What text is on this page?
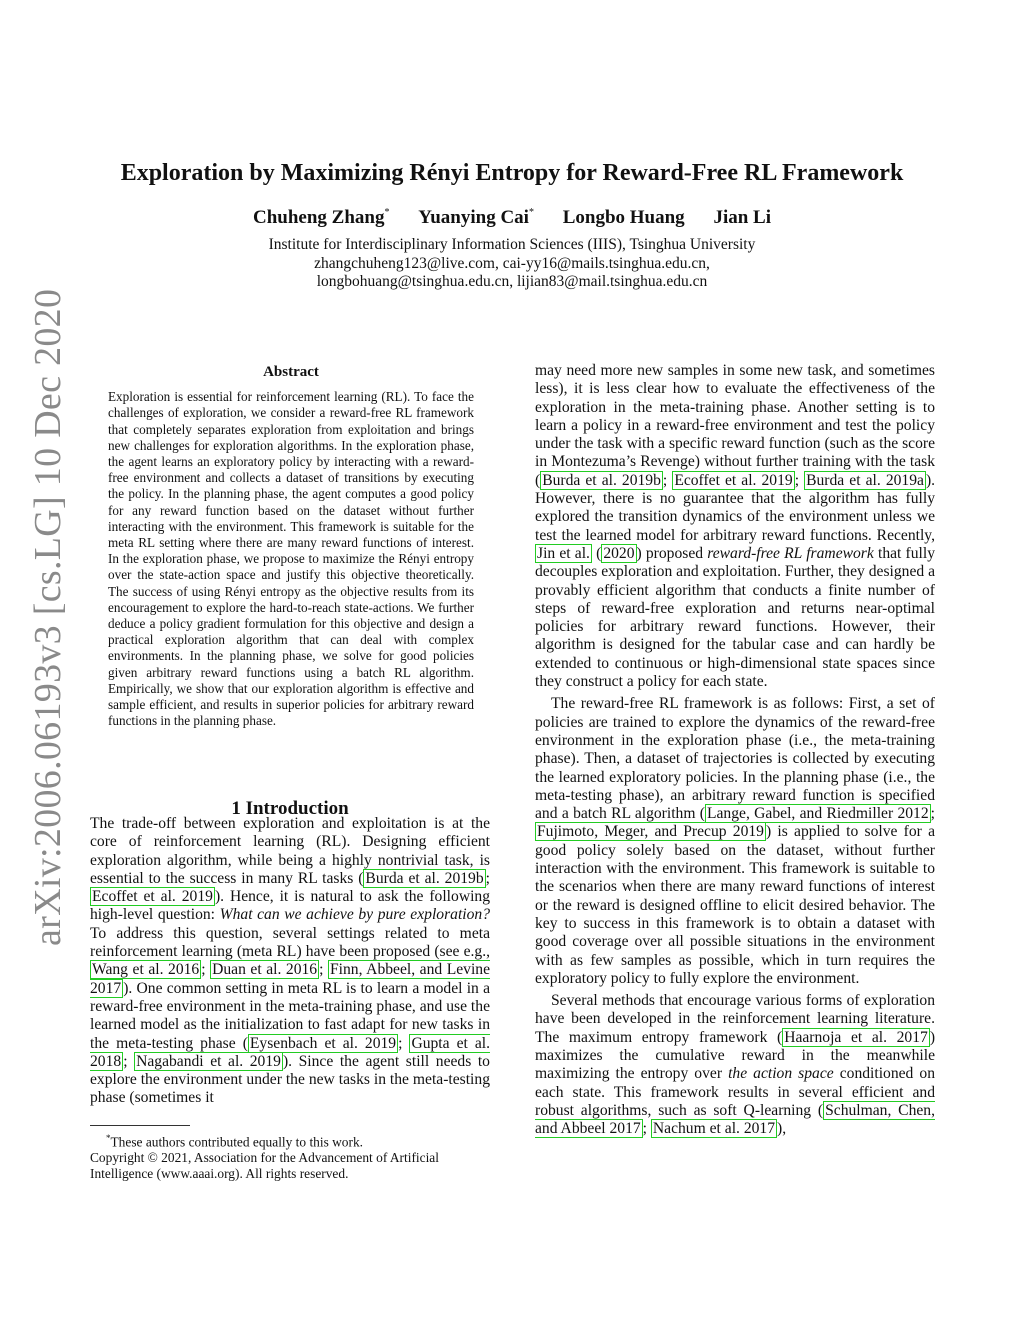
arXiv:2006.06193v3 [cs.LG] 10 Dec 2020
Exploration by Maximizing Rényi Entropy for Reward-Free RL Framework
Chuheng Zhang* Yuanying Cai* Longbo Huang Jian Li
Institute for Interdisciplinary Information Sciences (IIIS), Tsinghua University
zhangchuheng123@live.com, cai-yy16@mails.tsinghua.edu.cn,
longbohuang@tsinghua.edu.cn, lijian83@mail.tsinghua.edu.cn
Abstract

Exploration is essential for reinforcement learning (RL). To face the challenges of exploration, we consider a reward-free RL framework that completely separates exploration from exploitation and brings new challenges for exploration algorithms. In the exploration phase, the agent learns an exploratory policy by interacting with a reward-free environment and collects a dataset of transitions by executing the policy. In the planning phase, the agent computes a good policy for any reward function based on the dataset without further interacting with the environment. This framework is suitable for the meta RL setting where there are many reward functions of interest. In the exploration phase, we propose to maximize the Rényi entropy over the state-action space and justify this objective theoretically. The success of using Rényi entropy as the objective results from its encouragement to explore the hard-to-reach state-actions. We further deduce a policy gradient formulation for this objective and design a practical exploration algorithm that can deal with complex environments. In the planning phase, we solve for good policies given arbitrary reward functions using a batch RL algorithm. Empirically, we show that our exploration algorithm is effective and sample efficient, and results in superior policies for arbitrary reward functions in the planning phase.

1 Introduction

The trade-off between exploration and exploitation is at the core of reinforcement learning (RL). Designing efficient exploration algorithm, while being a highly nontrivial task, is essential to the success in many RL tasks ( Burda et al. 2019b ; Ecoffet et al. 2019 ). Hence, it is natural to ask the following high-level question: What can we achieve by pure exploration? To address this question, several settings related to meta reinforcement learning (meta RL) have been proposed (see e.g., Wang et al. 2016 ; Duan et al. 2016 ; Finn, Abbeel, and Levine 2017 ). One common setting in meta RL is to learn a model in a reward-free environment in the meta-training phase, and use the learned model as the initialization to fast adapt for new tasks in the meta-testing phase ( Eysenbach et al. 2019 ; Gupta et al. 2018 ; Nagabandi et al. 2019 ). Since the agent still needs to explore the environment under the new tasks in the meta-testing phase (sometimes it

may need more new samples in some new task, and sometimes less), it is less clear how to evaluate the effectiveness of the exploration in the meta-training phase. Another setting is to learn a policy in a reward-free environment and test the policy under the task with a specific reward function (such as the score in Montezuma’s Revenge) without further training with the task ( Burda et al. 2019b ; Ecoffet et al. 2019 ; Burda et al. 2019a ). However, there is no guarantee that the algorithm has fully explored the transition dynamics of the environment unless we test the learned model for arbitrary reward functions. Recently, Jin et al. ( 2020 ) proposed reward-free RL framework that fully decouples exploration and exploitation. Further, they designed a provably efficient algorithm that conducts a finite number of steps of reward-free exploration and returns near-optimal policies for arbitrary reward functions. However, their algorithm is designed for the tabular case and can hardly be extended to continuous or high-dimensional state spaces since they construct a policy for each state.

The reward-free RL framework is as follows: First, a set of policies are trained to explore the dynamics of the reward-free environment in the exploration phase (i.e., the meta-training phase). Then, a dataset of trajectories is collected by executing the learned exploratory policies. In the planning phase (i.e., the meta-testing phase), an arbitrary reward function is specified and a batch RL algorithm ( Lange, Gabel, and Riedmiller 2012 ; Fujimoto, Meger, and Precup 2019 ) is applied to solve for a good policy solely based on the dataset, without further interaction with the environment. This framework is suitable to the scenarios when there are many reward functions of interest or the reward is designed offline to elicit desired behavior. The key to success in this framework is to obtain a dataset with good coverage over all possible situations in the environment with as few samples as possible, which in turn requires the exploratory policy to fully explore the environment.

Several methods that encourage various forms of exploration have been developed in the reinforcement learning literature. The maximum entropy framework ( Haarnoja et al. 2017 ) maximizes the cumulative reward in the meanwhile maximizing the entropy over the action space conditioned on each state. This framework results in several efficient and robust algorithms, such as soft Q-learning ( Schulman, Chen, and Abbeel 2017 ; Nachum et al. 2017 ),

*These authors contributed equally to this work.

Copyright © 2021, Association for the Advancement of Artificial Intelligence (www.aaai.org). All rights reserved.
